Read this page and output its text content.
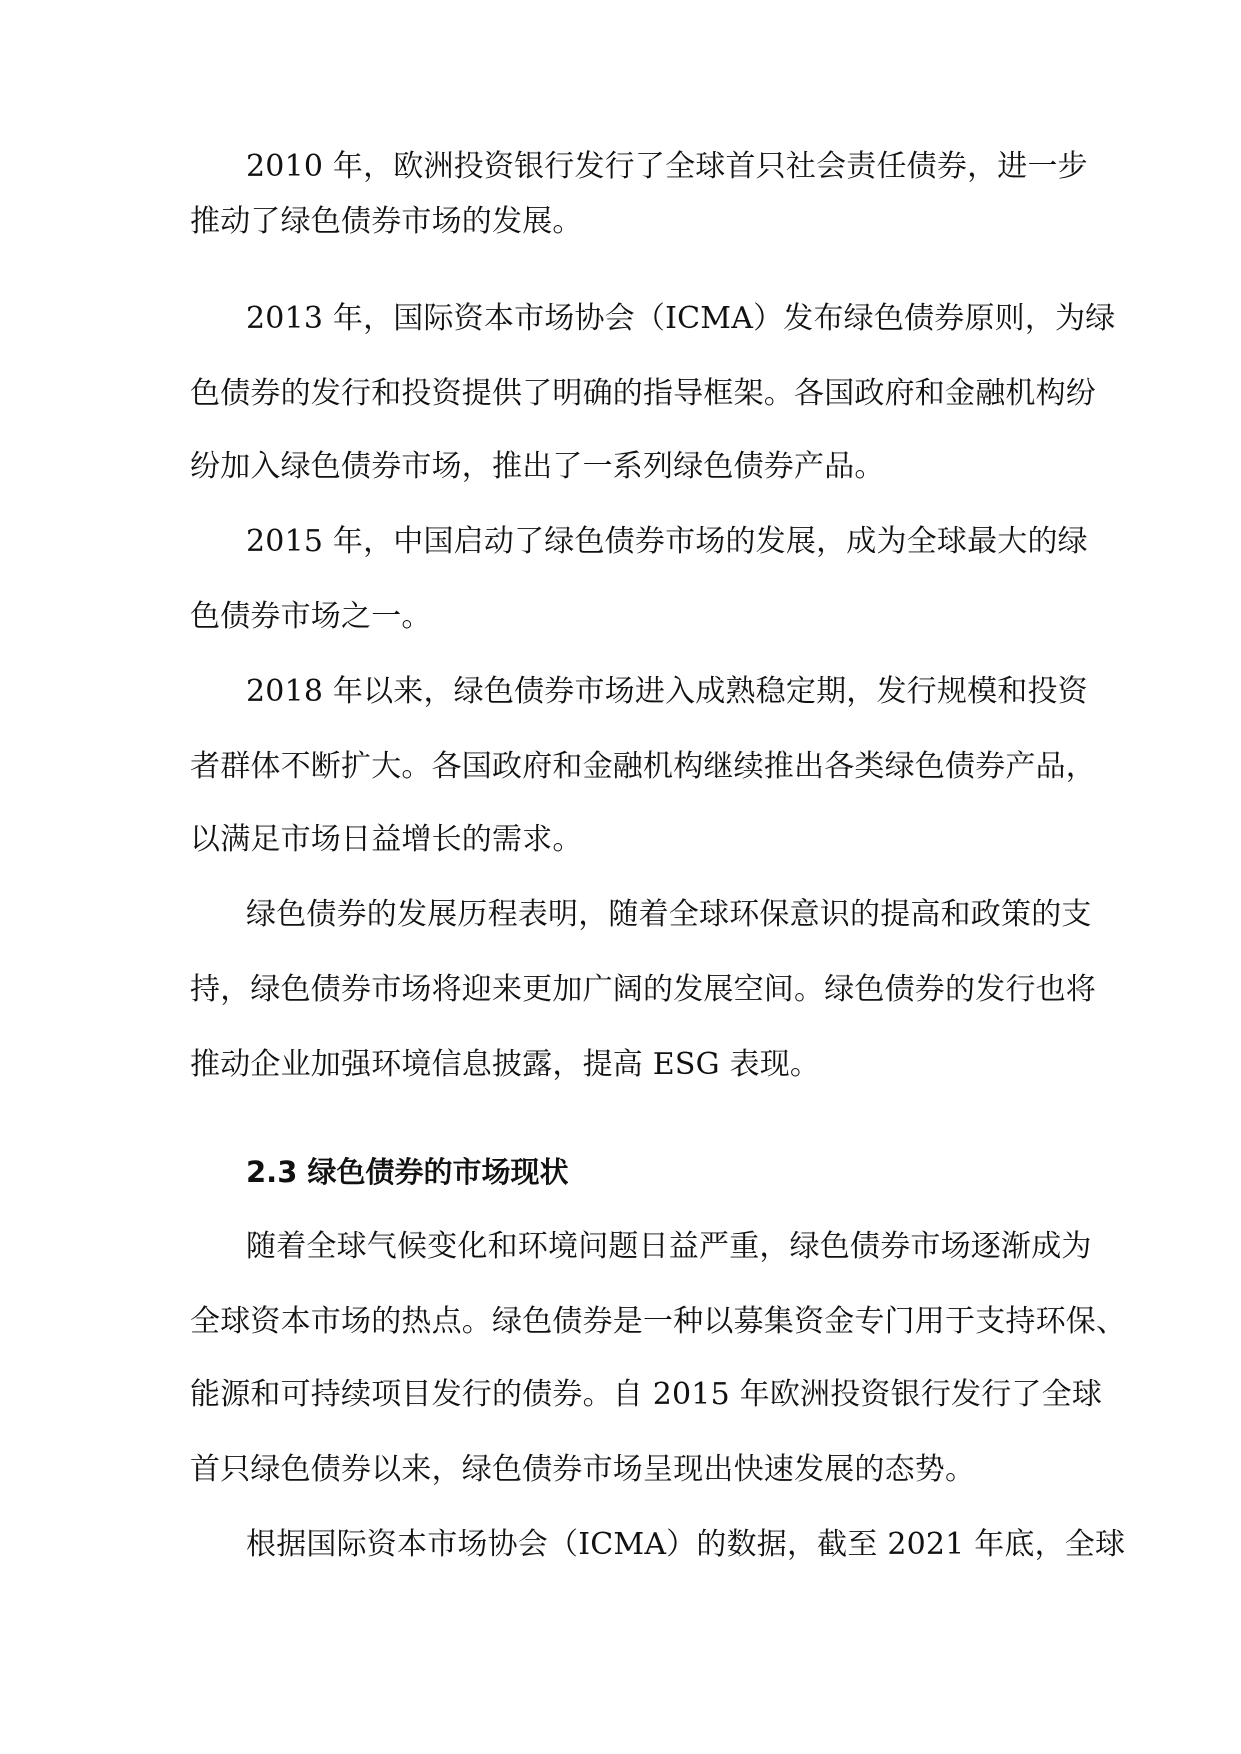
2010 年，欧洲投资银行发行了全球首只社会责任债券，进一步
推动了绿色债券市场的发展。
2013 年，国际资本市场协会（ICMA）发布绿色债券原则，为绿
色债券的发行和投资提供了明确的指导框架。各国政府和金融机构纷
纷加入绿色债券市场，推出了一系列绿色债券产品。
2015 年，中国启动了绿色债券市场的发展，成为全球最大的绿
色债券市场之一。
2018 年以来，绿色债券市场进入成熟稳定期，发行规模和投资
者群体不断扩大。各国政府和金融机构继续推出各类绿色债券产品，
以满足市场日益增长的需求。
绿色债券的发展历程表明，随着全球环保意识的提高和政策的支
持，绿色债券市场将迎来更加广阔的发展空间。绿色债券的发行也将
推动企业加强环境信息披露，提高 ESG 表现。
2.3 绿色债券的市场现状
随着全球气候变化和环境问题日益严重，绿色债券市场逐渐成为
全球资本市场的热点。绿色债券是一种以募集资金专门用于支持环保、
能源和可持续项目发行的债券。自 2015 年欧洲投资银行发行了全球
首只绿色债券以来，绿色债券市场呈现出快速发展的态势。
根据国际资本市场协会（ICMA）的数据，截至 2021 年底，全球
